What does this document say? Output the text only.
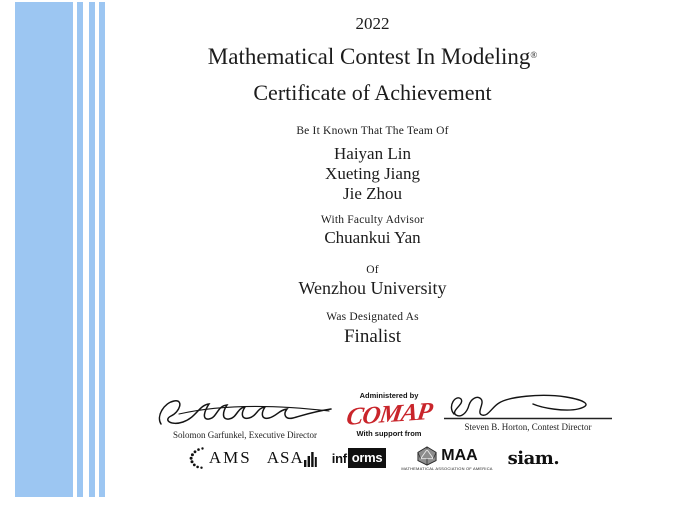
2022
Mathematical Contest In Modeling®
Certificate of Achievement
Be It Known That The Team Of
Haiyan Lin
Xueting Jiang
Jie Zhou
With Faculty Advisor
Chuankui Yan
Of
Wenzhou University
Was Designated As
Finalist
Solomon Garfunkel, Executive Director
Administered by
COMAP
With support from
Steven B. Horton, Contest Director
AMS ASA inf orms	MAA
MATHEMATICAL ASSOCIATION OF AMERICA siam.
